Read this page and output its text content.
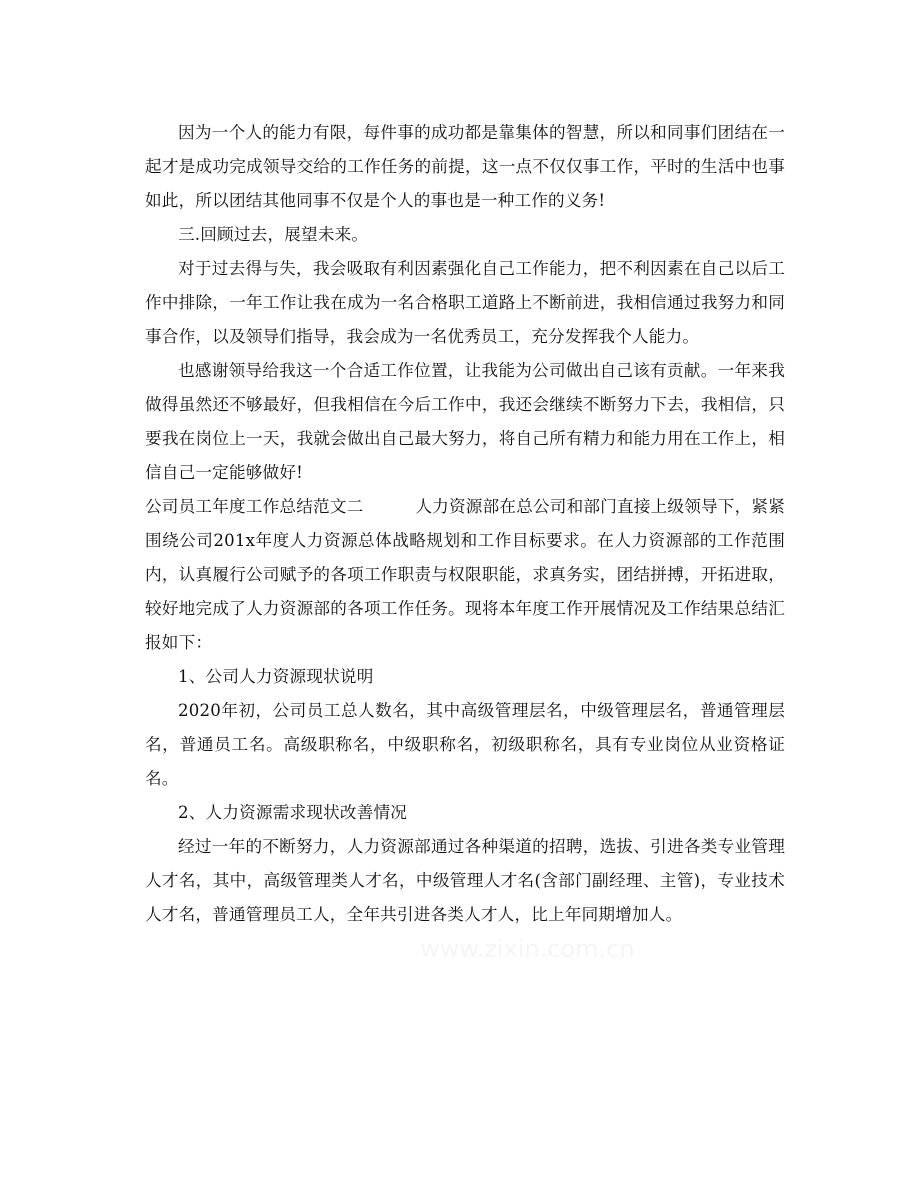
因为一个人的能力有限，每件事的成功都是靠集体的智慧，所以和同事们团结在一起才是成功完成领导交给的工作任务的前提，这一点不仅仅事工作，平时的生活中也事如此，所以团结其他同事不仅是个人的事也是一种工作的义务!

三.回顾过去，展望未来。

对于过去得与失，我会吸取有利因素强化自己工作能力，把不利因素在自己以后工作中排除，一年工作让我在成为一名合格职工道路上不断前进，我相信通过我努力和同事合作，以及领导们指导，我会成为一名优秀员工，充分发挥我个人能力。

也感谢领导给我这一个合适工作位置，让我能为公司做出自己该有贡献。一年来我做得虽然还不够最好，但我相信在今后工作中，我还会继续不断努力下去，我相信，只要我在岗位上一天，我就会做出自己最大努力，将自己所有精力和能力用在工作上，相信自己一定能够做好!

公司员工年度工作总结范文二	人力资源部在总公司和部门直接上级领导下，紧紧围绕公司201x年度人力资源总体战略规划和工作目标要求。在人力资源部的工作范围内，认真履行公司赋予的各项工作职责与权限职能，求真务实，团结拼搏，开拓进取，较好地完成了人力资源部的各项工作任务。现将本年度工作开展情况及工作结果总结汇报如下：

1、公司人力资源现状说明

2020年初，公司员工总人数名，其中高级管理层名，中级管理层名，普通管理层名，普通员工名。高级职称名，中级职称名，初级职称名，具有专业岗位从业资格证名。

2、人力资源需求现状改善情况

经过一年的不断努力，人力资源部通过各种渠道的招聘，选拔、引进各类专业管理人才名，其中，高级管理类人才名，中级管理人才名(含部门副经理、主管)，专业技术人才名，普通管理员工人，全年共引进各类人才人，比上年同期增加人。

www.zixin.com.cn
